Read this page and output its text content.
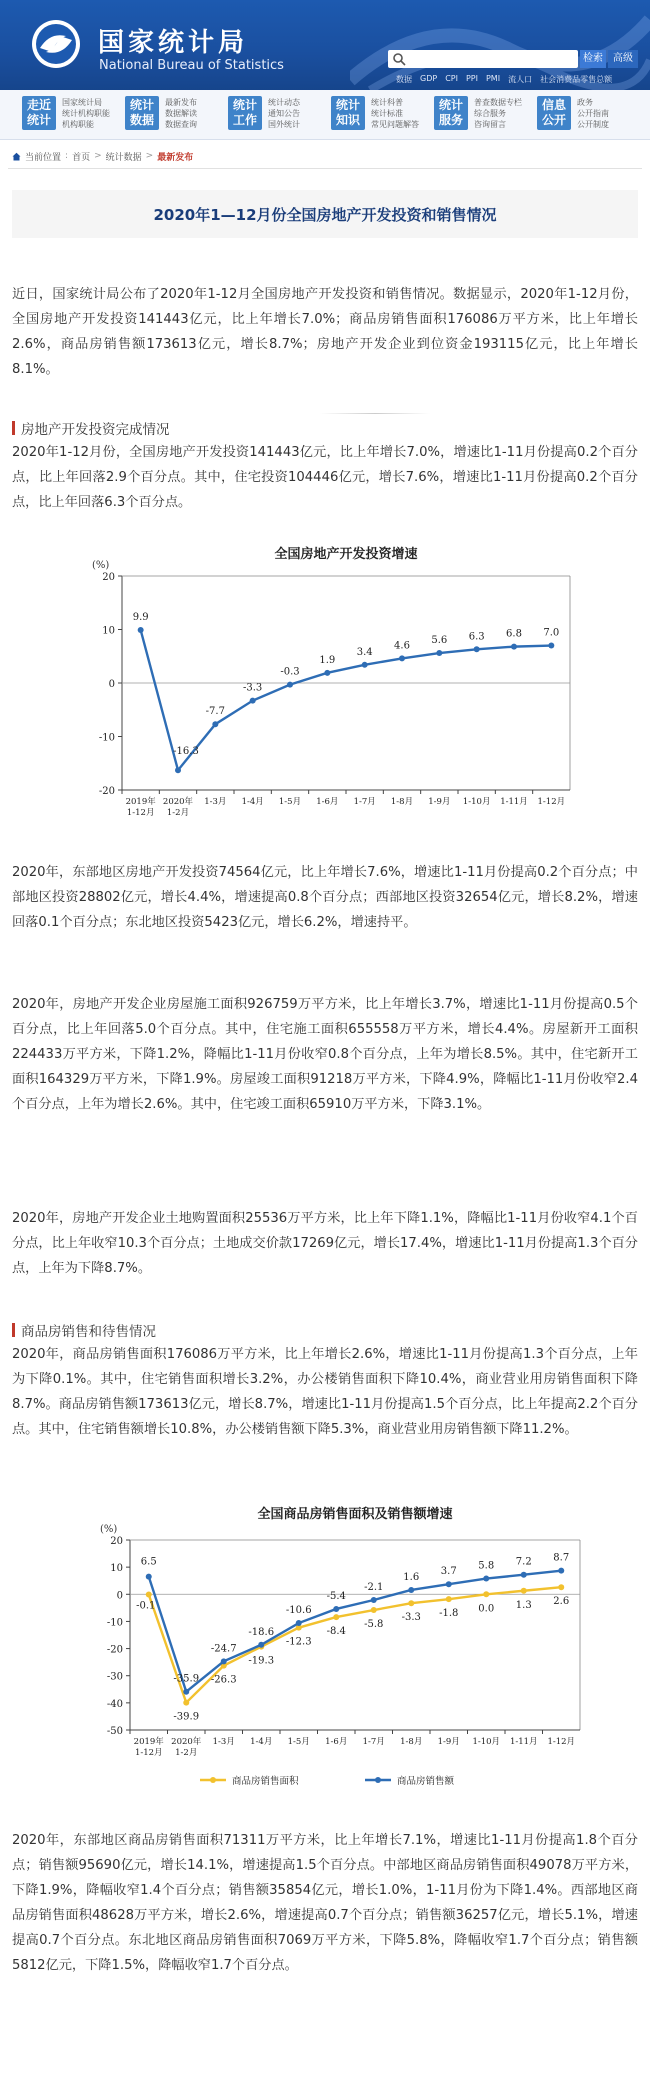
国家统计局
National Bureau of Statistics	检索	高级
数据 GDP CPI PPI PMI 流人口 社会消费品零售总额
走近统计
国家统计局
统计机构职能
机构职能
统计数据
最新发布
数据解读
数据查询
统计工作
统计动态
通知公告
国外统计
统计知识
统计科普
统计标准
常见问题解答
统计服务
普查数据专栏
综合服务
咨询留言
信息公开
政务
公开指南
公开制度
当前位置 : 首页 > 统计数据 > 最新发布
2020年1—12月份全国房地产开发投资和销售情况
近日，国家统计局公布了2020年1-12月全国房地产开发投资和销售情况。数据显示，2020年1-12月份，全国房地产开发投资141443亿元，比上年增长7.0%；商品房销售面积176086万平方米，比上年增长2.6%，商品房销售额173613亿元，增长8.7%；房地产开发企业到位资金193115亿元，比上年增长8.1%。
房地产开发投资完成情况
2020年1-12月份，全国房地产开发投资141443亿元，比上年增长7.0%，增速比1-11月份提高0.2个百分点，比上年回落2.9个百分点。其中，住宅投资104446亿元，增长7.6%，增速比1-11月份提高0.2个百分点，比上年回落6.3个百分点。
全国房地产开发投资增速
(%)
-20
-10
0
10
20
2019年
1-12月
2020年
1-2月
1-3月 1-4月 1-5月 1-6月 1-7月 1-8月 1-9月 1-10月 1-11月 1-12月
9.9
-16.3
-7.7
-3.3
-0.3
1.9
3.4
4.6 5.6 6.3 6.8 7.0
2020年，东部地区房地产开发投资74564亿元，比上年增长7.6%，增速比1-11月份提高0.2个百分点；中部地区投资28802亿元，增长4.4%，增速提高0.8个百分点；西部地区投资32654亿元，增长8.2%，增速回落0.1个百分点；东北地区投资5423亿元，增长6.2%，增速持平。
2020年，房地产开发企业房屋施工面积926759万平方米，比上年增长3.7%，增速比1-11月份提高0.5个百分点，比上年回落5.0个百分点。其中，住宅施工面积655558万平方米，增长4.4%。房屋新开工面积224433万平方米，下降1.2%，降幅比1-11月份收窄0.8个百分点，上年为增长8.5%。其中，住宅新开工面积164329万平方米，下降1.9%。房屋竣工面积91218万平方米，下降4.9%，降幅比1-11月份收窄2.4个百分点，上年为增长2.6%。其中，住宅竣工面积65910万平方米，下降3.1%。
2020年，房地产开发企业土地购置面积25536万平方米，比上年下降1.1%，降幅比1-11月份收窄4.1个百分点，比上年收窄10.3个百分点；土地成交价款17269亿元，增长17.4%，增速比1-11月份提高1.3个百分点，上年为下降8.7%。
商品房销售和待售情况
2020年，商品房销售面积176086万平方米，比上年增长2.6%，增速比1-11月份提高1.3个百分点，上年为下降0.1%。其中，住宅销售面积增长3.2%，办公楼销售面积下降10.4%，商业营业用房销售面积下降8.7%。商品房销售额173613亿元，增长8.7%，增速比1-11月份提高1.5个百分点，比上年提高2.2个百分点。其中，住宅销售额增长10.8%，办公楼销售额下降5.3%，商业营业用房销售额下降11.2%。
全国商品房销售面积及销售额增速
(%)
-50
-40
-30
-20
-10
0
10
20
2019年
1-12月
2020年
1-2月
1-3月 1-4月 1-5月 1-6月 1-7月 1-8月 1-9月 1-10月 1-11月 1-12月
-0.1
-39.9
-26.3
-19.3
-12.3
-8.4
-5.8
-3.3 -1.8 0.0 1.3 2.6
6.5
-35.9
-24.7
-18.6
-10.6
-5.4
-2.1
1.6
3.7
5.8 7.2 8.7
商品房销售面积	商品房销售额
2020年，东部地区商品房销售面积71311万平方米，比上年增长7.1%，增速比1-11月份提高1.8个百分点；销售额95690亿元，增长14.1%，增速提高1.5个百分点。中部地区商品房销售面积49078万平方米，下降1.9%，降幅收窄1.4个百分点；销售额35854亿元，增长1.0%，1-11月份为下降1.4%。西部地区商品房销售面积48628万平方米，增长2.6%，增速提高0.7个百分点；销售额36257亿元，增长5.1%，增速提高0.7个百分点。东北地区商品房销售面积7069万平方米，下降5.8%，降幅收窄1.7个百分点；销售额5812亿元，下降1.5%，降幅收窄1.7个百分点。
